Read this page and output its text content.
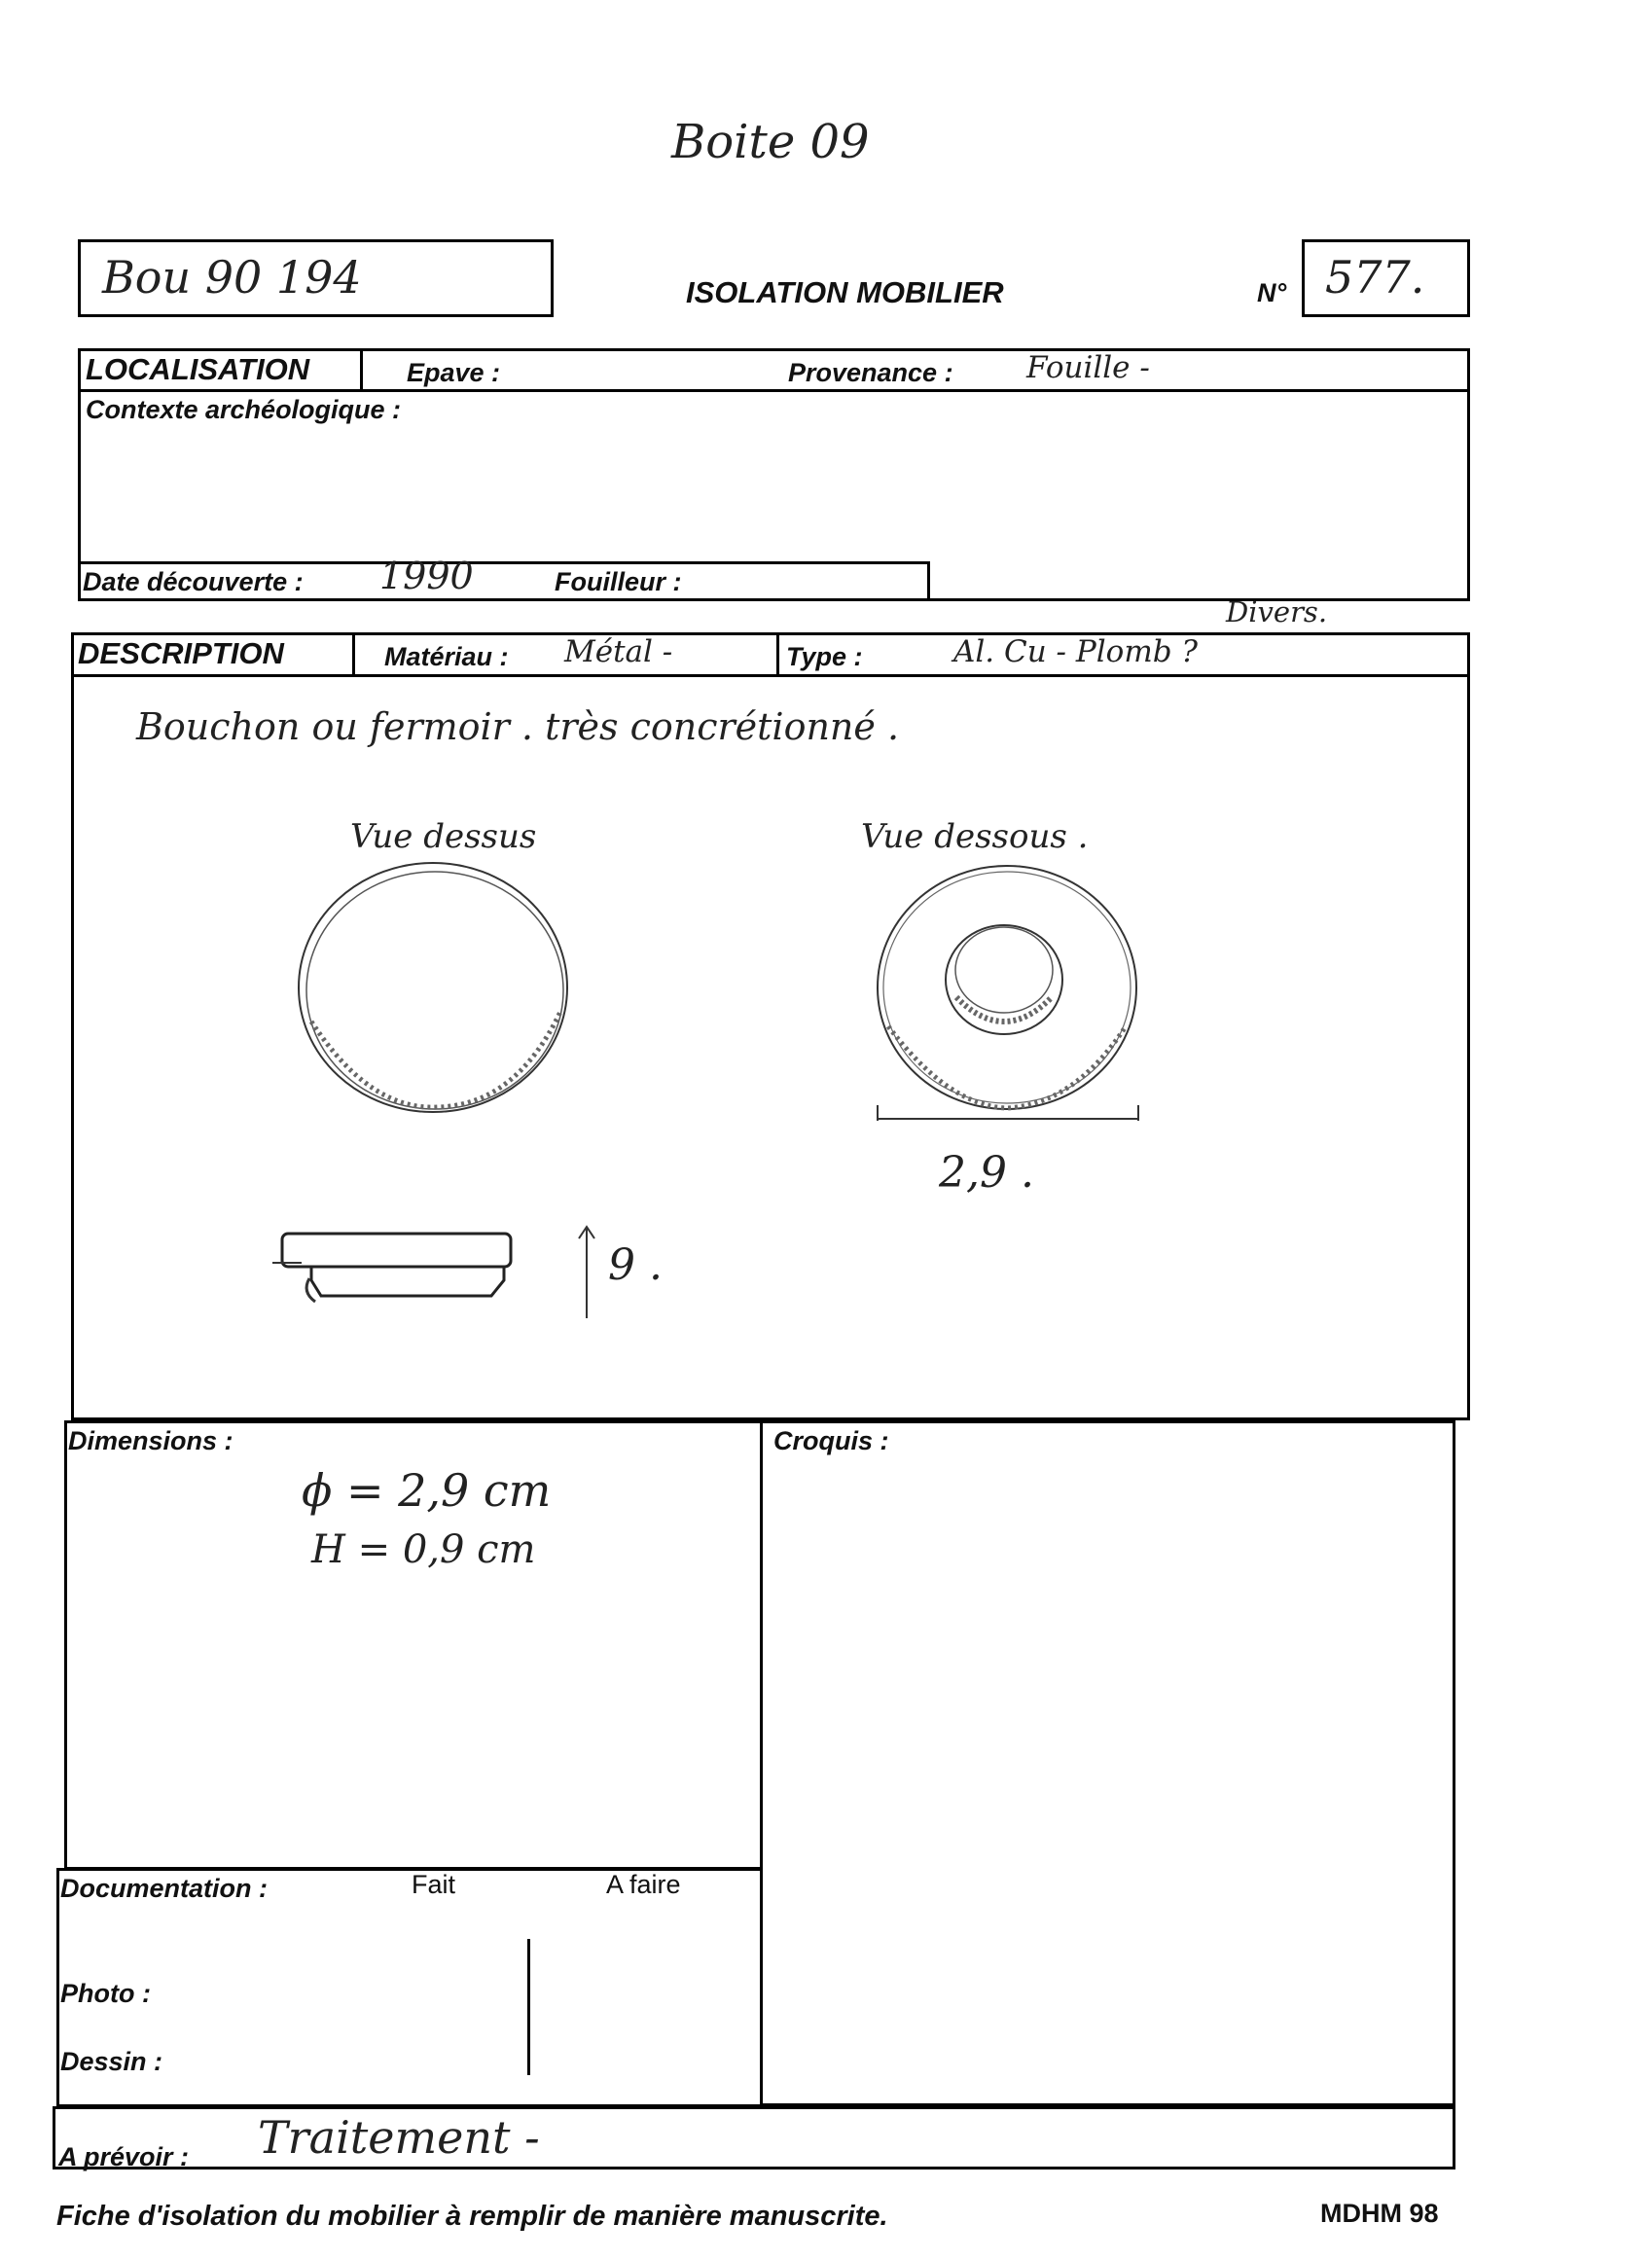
Boite 09
Bou 90 194	ISOLATION MOBILIER	N° 577.
LOCALISATION	Epave :	Provenance : Fouille -
Contexte archéologique :
Date découverte : 1990	Fouilleur :
DESCRIPTION	Matériau : Métal -	Type :	Al. Cu - Plomb ?
Divers.
Bouchon ou fermoir . très concrétionné .
Vue dessus	Vue dessous .
2,9 .
9 .
Dimensions :
ϕ = 2,9 cm
H = 0,9 cm
Croquis :
Documentation :	Fait	A faire
Photo :
Dessin :
A prévoir : Traitement -
Fiche d'isolation du mobilier à remplir de manière manuscrite.	MDHM 98
